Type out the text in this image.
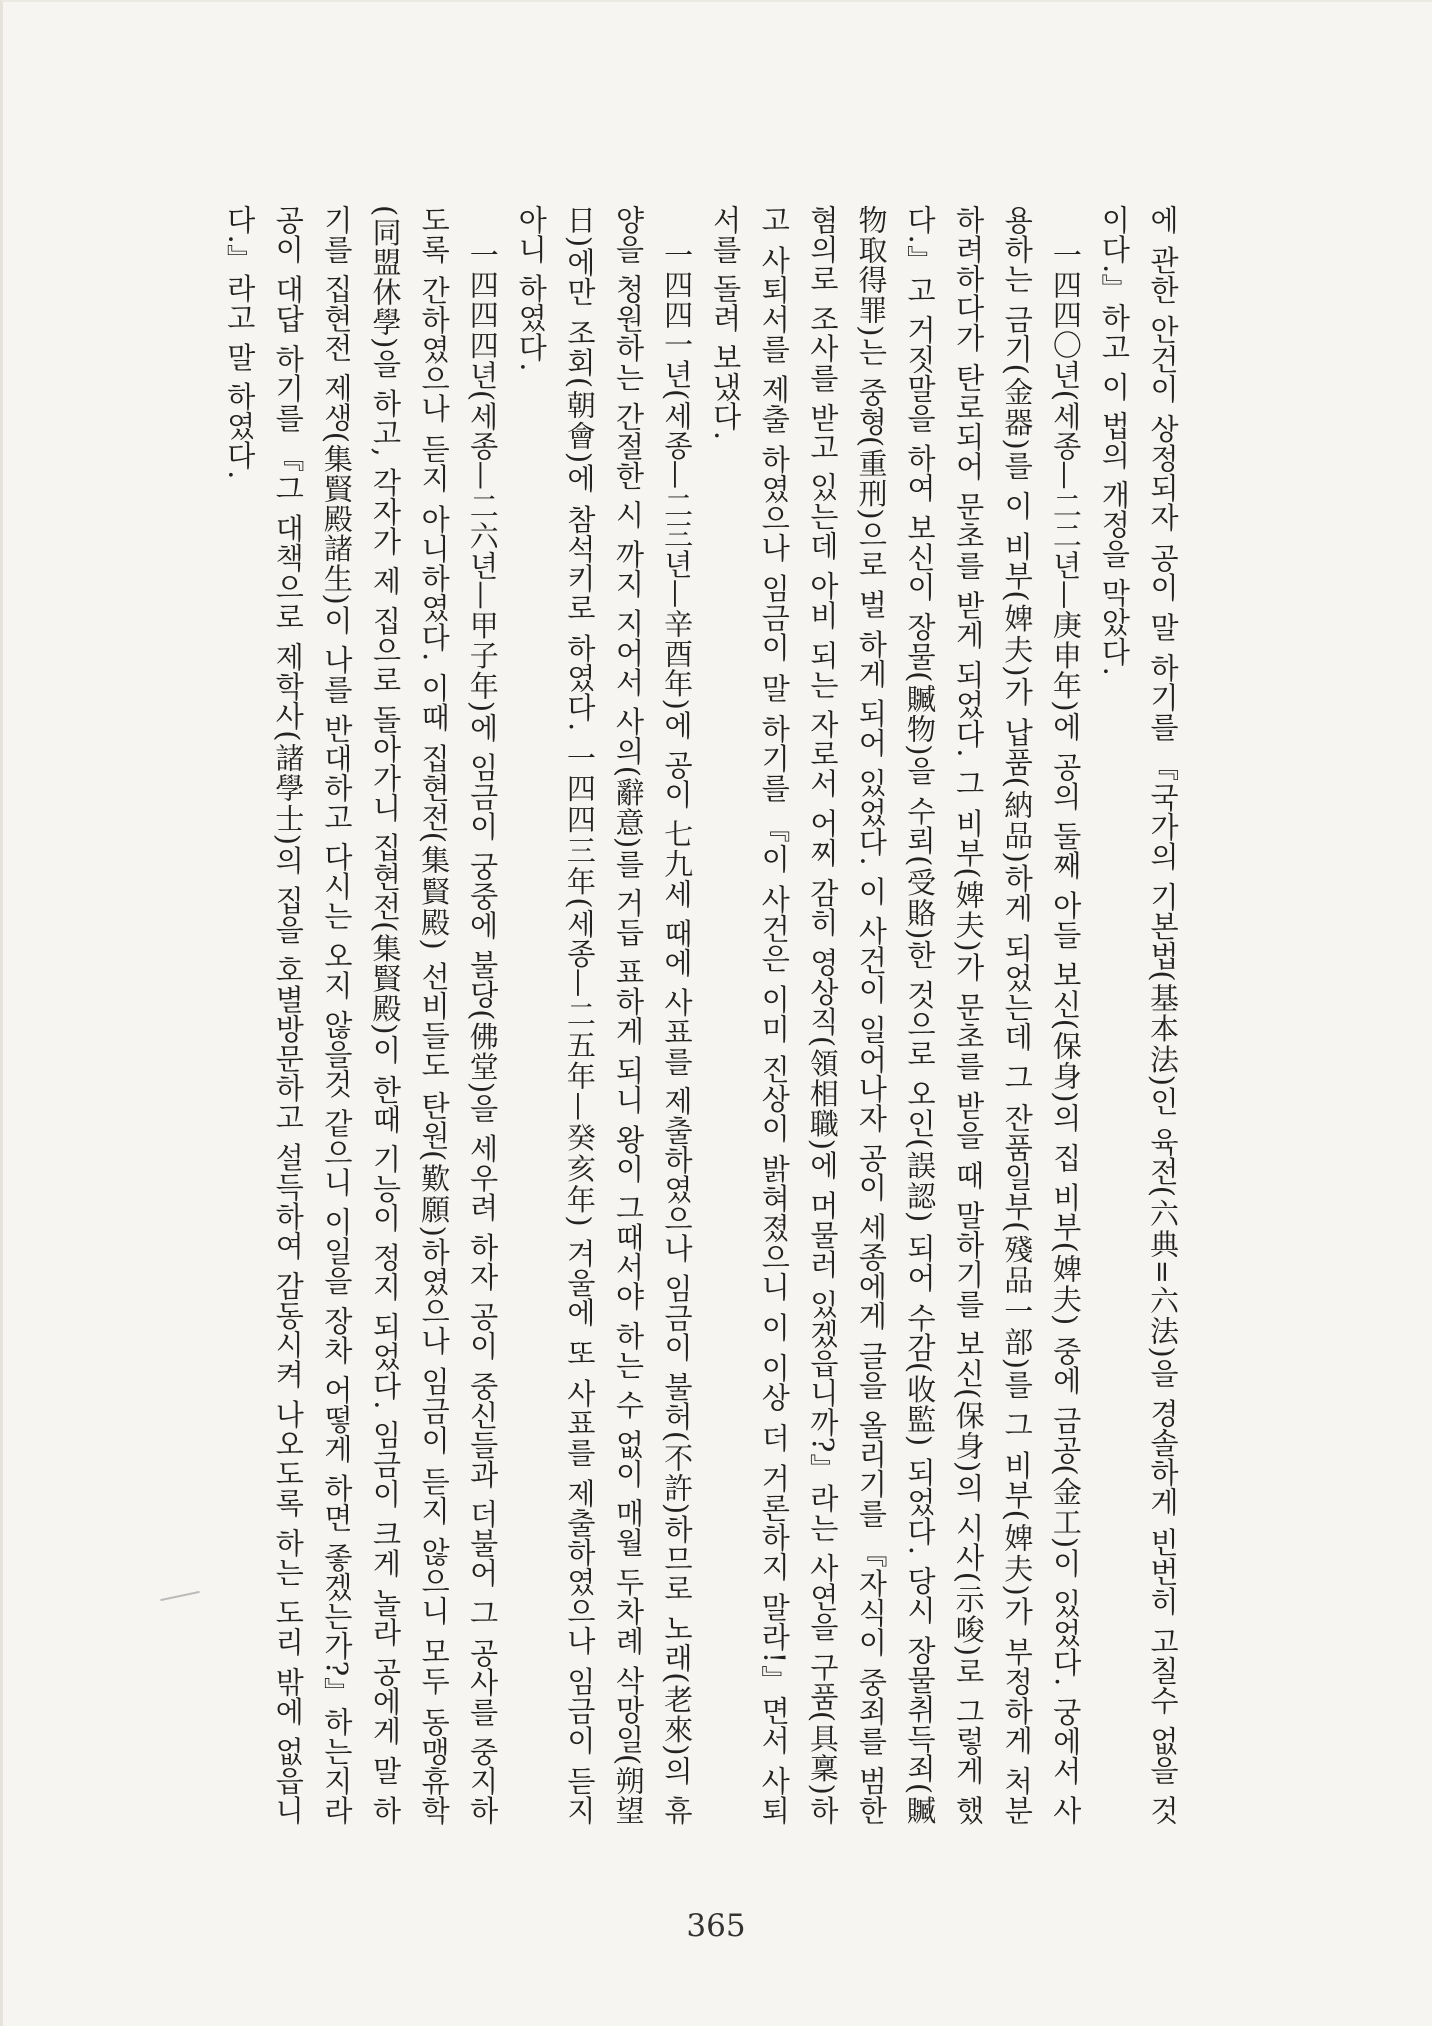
에 관한 안건이 상정되자 공이 말 하기를 『국가의 기본법(基本法)인 육전(六典=六法)을 경솔하게 빈번히 고칠수 없을 것이다.』하고 이 법의 개정을 막았다.

一四四〇년(세종—二二년—庚申年)에 공의 둘째 아들 보신(保身)의 집 비부(婢夫) 중에 금공(金工)이 있었다. 궁에서 사용하는 금기(金器)를 이 비부(婢夫)가 납품(納品)하게 되었는데 그 잔품일부(殘品一部)를 그 비부(婢夫)가 부정하게 처분 하려하다가 탄로되어 문초를 받게 되었다. 그 비부(婢夫)가 문초를 받을 때 말하기를 보신(保身)의 시사(示唆)로 그렇게 했다.』고 거짓말을 하여 보신이 장물(贓物)을 수뢰(受賂)한 것으로 오인(誤認) 되어 수감(收監) 되었다. 당시 장물취득죄(贓物取得罪)는 중형(重刑)으로 벌 하게 되어 있었다. 이 사건이 일어나자 공이 세종에게 글을 올리기를 『자식이 중죄를 범한 혐의로 조사를 받고 있는데 아비 되는 자로서 어찌 감히 영상직(領相職)에 머물러 있겠읍니까?』라는 사연을 구품(具稟)하고 사퇴서를 제출 하였으나 임금이 말 하기를 『이 사건은 이미 진상이 밝혀졌으니 이 이상 더 거론하지 말라!』면서 사퇴서를 돌려 보냈다.

一四四一년(세종—二三년—辛酉年)에 공이 七九세 때에 사표를 제출하였으나 임금이 불허(不許)하므로 노래(老來)의 휴양을 청원하는 간절한 시 까지 지어서 사의(辭意)를 거듭 표하게 되니 왕이 그때서야 하는 수 없이 매월 두차례 삭망일(朔望日)에만 조회(朝會)에 참석키로 하였다. 一四四三年(세종—二五年—癸亥年) 겨울에 또 사표를 제출하였으나 임금이 듣지 아니 하였다.

一四四四년(세종—二六년—甲子年)에 임금이 궁중에 불당(佛堂)을 세우려 하자 공이 중신들과 더불어 그 공사를 중지하도록 간하였으나 듣지 아니하였다. 이때 집현전(集賢殿) 선비들도 탄원(歎願)하였으나 임금이 듣지 않으니 모두 동맹휴학(同盟休學)을 하고, 각자가 제 집으로 돌아가니 집현전(集賢殿)이 한때 기능이 정지 되었다. 임금이 크게 놀라 공에게 말 하기를 집현전 제생(集賢殿諸生)이 나를 반대하고 다시는 오지 않을것 같으니 이일을 장차 어떻게 하면 좋겠는가?』하는지라 공이 대답 하기를 『그 대책으로 제학사(諸學士)의 집을 호별방문하고 설득하여 감동시켜 나오도록 하는 도리 밖에 없읍니다.』라고 말 하였다.

365
